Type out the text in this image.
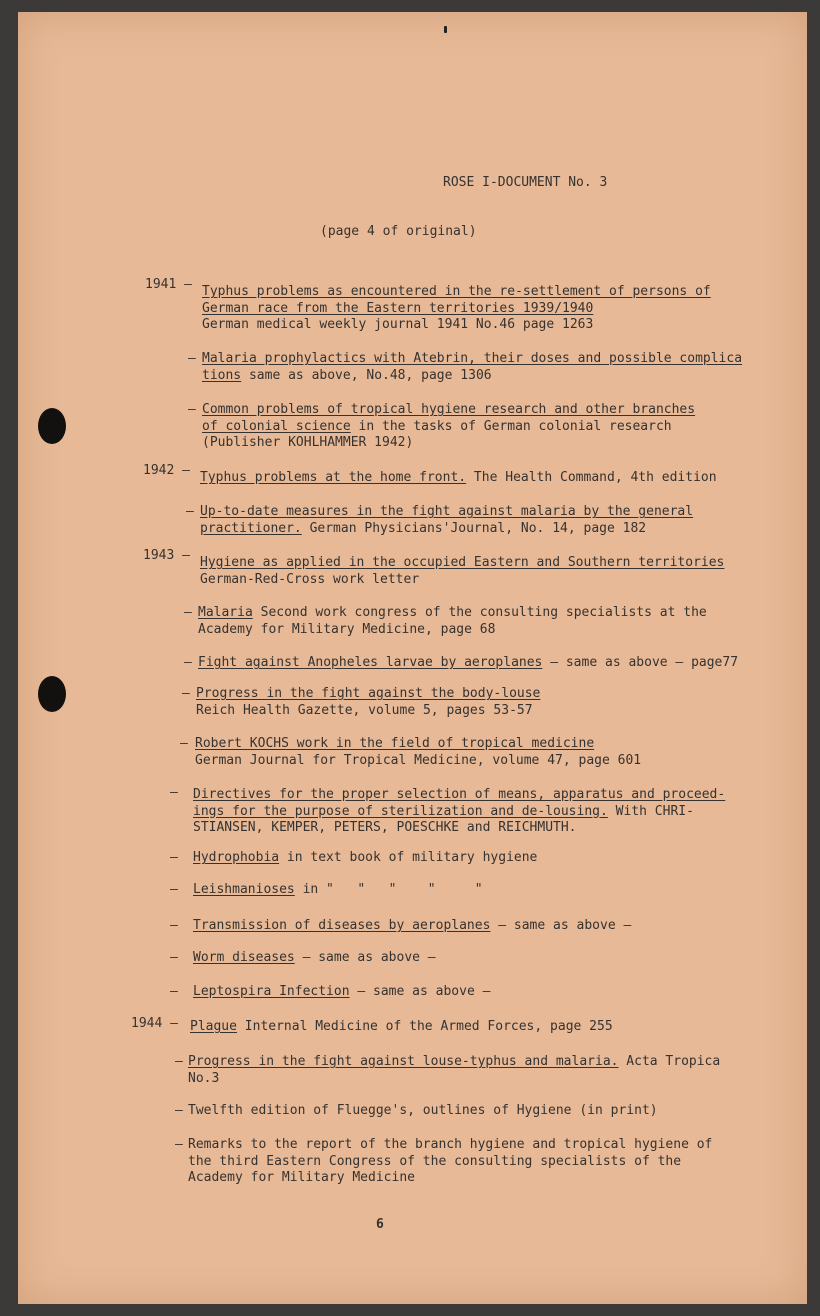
ROSE I-DOCUMENT No. 3

(page 4 of original)

1941 – Typhus problems as encountered in the re-settlement of persons of
German race from the Eastern territories 1939/1940
German medical weekly journal 1941 No.46 page 1263

– Malaria prophylactics with Atebrin, their doses and possible complica
tions same as above, No.48, page 1306

– Common problems of tropical hygiene research and other branches
of colonial science in the tasks of German colonial research
(Publisher KOHLHAMMER 1942)

1942 – Typhus problems at the home front. The Health Command, 4th edition

– Up-to-date measures in the fight against malaria by the general
practitioner. German Physicians'Journal, No. 14, page 182

1943 – Hygiene as applied in the occupied Eastern and Southern territories
German-Red-Cross work letter

– Malaria Second work congress of the consulting specialists at the
Academy for Military Medicine, page 68

– Fight against Anopheles larvae by aeroplanes – same as above – page77

– Progress in the fight against the body-louse
Reich Health Gazette, volume 5, pages 53-57

– Robert KOCHS work in the field of tropical medicine
German Journal for Tropical Medicine, volume 47, page 601

– Directives for the proper selection of means, apparatus and proceed-
ings for the purpose of sterilization and de-lousing. With CHRI-
STIANSEN, KEMPER, PETERS, POESCHKE and REICHMUTH.

– Hydrophobia in text book of military hygiene

– Leishmanioses in "   "   "    "     "

– Transmission of diseases by aeroplanes – same as above –

– Worm diseases – same as above –

– Leptospira Infection – same as above –

1944 – Plague Internal Medicine of the Armed Forces, page 255

– Progress in the fight against louse-typhus and malaria. Acta Tropica
No.3

– Twelfth edition of Fluegge's, outlines of Hygiene (in print)

– Remarks to the report of the branch hygiene and tropical hygiene of
the third Eastern Congress of the consulting specialists of the
Academy for Military Medicine

6
